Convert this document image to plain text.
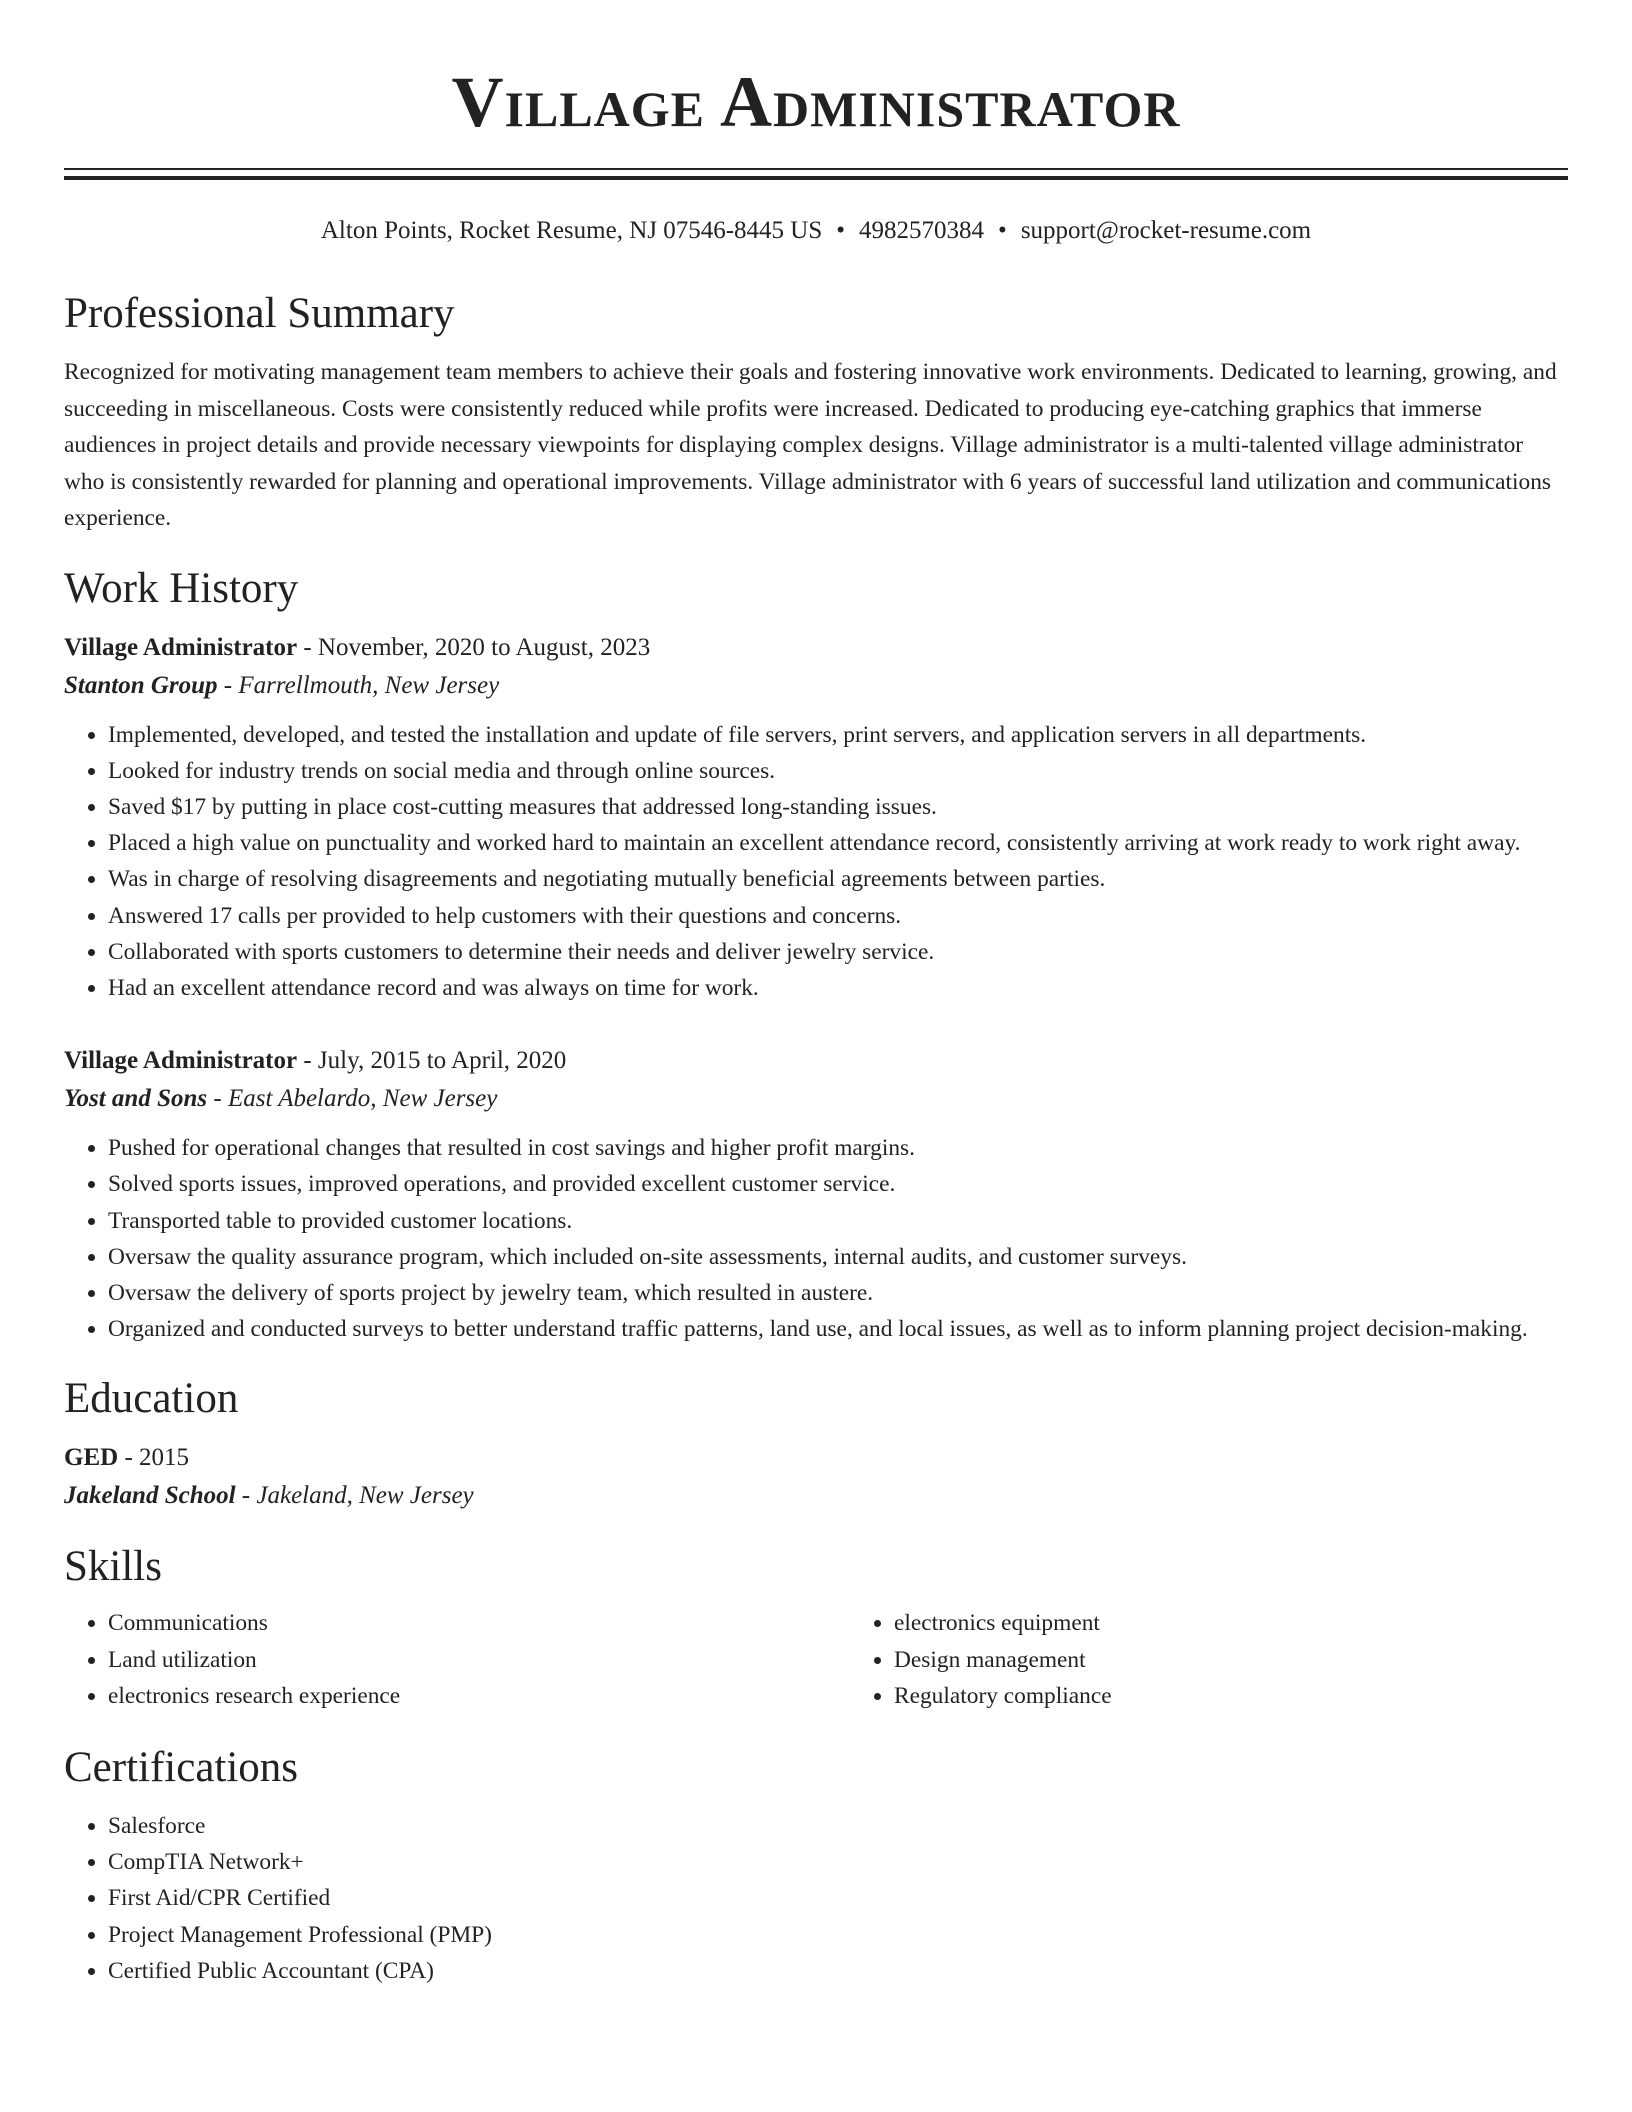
Village Administrator
Alton Points, Rocket Resume, NJ 07546-8445 US • 4982570384 • support@rocket-resume.com
Professional Summary
Recognized for motivating management team members to achieve their goals and fostering innovative work environments. Dedicated to learning, growing, and succeeding in miscellaneous. Costs were consistently reduced while profits were increased. Dedicated to producing eye-catching graphics that immerse audiences in project details and provide necessary viewpoints for displaying complex designs. Village administrator is a multi-talented village administrator who is consistently rewarded for planning and operational improvements. Village administrator with 6 years of successful land utilization and communications experience.
Work History
Village Administrator - November, 2020 to August, 2023
Stanton Group - Farrellmouth, New Jersey
• Implemented, developed, and tested the installation and update of file servers, print servers, and application servers in all departments.
• Looked for industry trends on social media and through online sources.
• Saved $17 by putting in place cost-cutting measures that addressed long-standing issues.
• Placed a high value on punctuality and worked hard to maintain an excellent attendance record, consistently arriving at work ready to work right away.
• Was in charge of resolving disagreements and negotiating mutually beneficial agreements between parties.
• Answered 17 calls per provided to help customers with their questions and concerns.
• Collaborated with sports customers to determine their needs and deliver jewelry service.
• Had an excellent attendance record and was always on time for work.
Village Administrator - July, 2015 to April, 2020
Yost and Sons - East Abelardo, New Jersey
• Pushed for operational changes that resulted in cost savings and higher profit margins.
• Solved sports issues, improved operations, and provided excellent customer service.
• Transported table to provided customer locations.
• Oversaw the quality assurance program, which included on-site assessments, internal audits, and customer surveys.
• Oversaw the delivery of sports project by jewelry team, which resulted in austere.
• Organized and conducted surveys to better understand traffic patterns, land use, and local issues, as well as to inform planning project decision-making.
Education
GED - 2015
Jakeland School - Jakeland, New Jersey
Skills
• Communications
• Land utilization
• electronics research experience
• electronics equipment
• Design management
• Regulatory compliance
Certifications
• Salesforce
• CompTIA Network+
• First Aid/CPR Certified
• Project Management Professional (PMP)
• Certified Public Accountant (CPA)
